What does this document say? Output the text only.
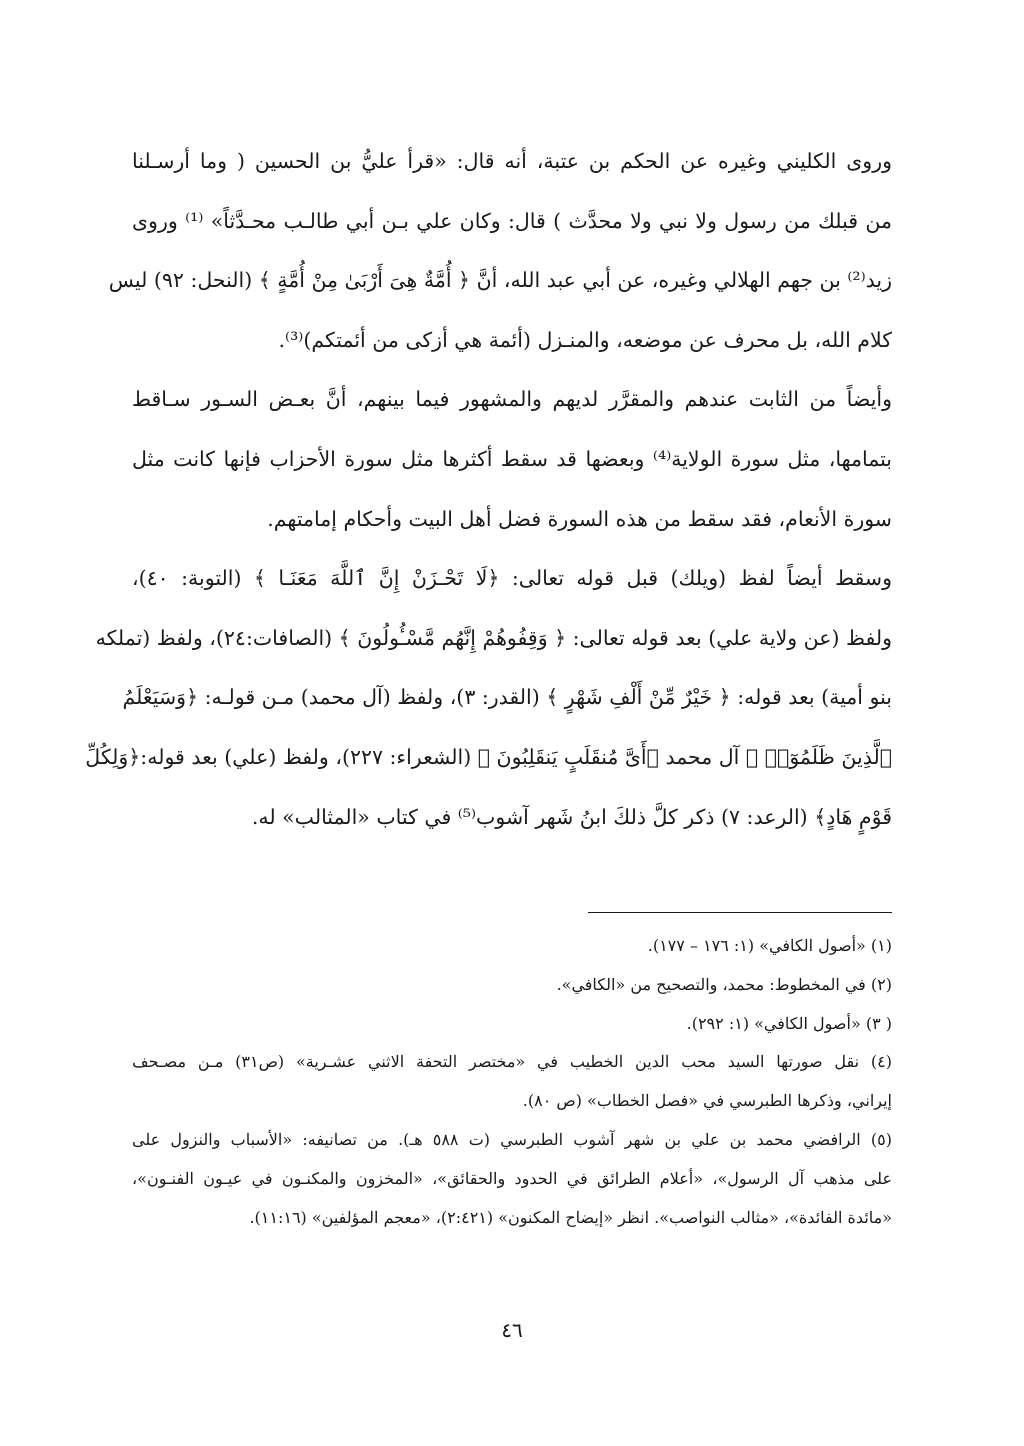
وروى الكليني وغيره عن الحكم بن عتبة، أنه قال: «قرأ عليُّ بن الحسين ( وما أرسـلنا
من قبلك من رسول ولا نبي ولا محدَّث ) قال: وكان علي بـن أبي طالـب محـدَّثاً» ⁽¹⁾ وروى
زيد⁽²⁾ بن جهم الهلالي وغيره، عن أبي عبد الله، أنَّ ﴿ أُمَّةٌ هِىَ أَرْبَىٰ مِنْ أُمَّةٍ ﴾ (النحل: ٩٢) ليس
كلام الله، بل محرف عن موضعه، والمنـزل (أئمة هي أزكى من أئمتكم)⁽³⁾.
وأيضاً من الثابت عندهم والمقرَّر لديهم والمشهور فيما بينهم، أنَّ بعـض السـور سـاقط
بتمامها، مثل سورة الولاية⁽⁴⁾ وبعضها قد سقط أكثرها مثل سورة الأحزاب فإنها كانت مثل
سورة الأنعام، فقد سقط من هذه السورة فضل أهل البيت وأحكام إمامتهم.
وسقط أيضاً لفظ (ويلك) قبل قوله تعالى: ﴿لَا تَحْـزَنْ إِنَّ ٱللَّهَ مَعَنَـا ﴾ (التوبة: ٤٠)،
ولفظ (عن ولاية علي) بعد قوله تعالى: ﴿ وَقِفُوهُمْ إِنَّهُم مَّسْـُٔولُونَ ﴾ (الصافات:٢٤)، ولفظ (تملكه
بنو أمية) بعد قوله: ﴿ خَيْرٌ مِّنْ أَلْفِ شَهْرٍ ﴾ (القدر: ٣)، ولفظ (آل محمد) مـن قولـه: ﴿وَسَيَعْلَمُ
ٱلَّذِينَ ظَلَمُوٓا۟ ﴾ آل محمد ﴿أَىَّ مُنقَلَبٍ يَنقَلِبُونَ ﴾ (الشعراء: ٢٢٧)، ولفظ (علي) بعد قوله:﴿وَلِكُلِّ
قَوْمٍ هَادٍ﴾ (الرعد: ٧) ذكر كلَّ ذلكَ ابنُ شَهر آشوب⁽⁵⁾ في كتاب «المثالب» له.
(١) «أصول الكافي» (١: ١٧٦ – ١٧٧).
(٢) في المخطوط: محمد، والتصحيح من «الكافي».
( ٣) «أصول الكافي» (١: ٢٩٢).
(٤) نقل صورتها السيد محب الدين الخطيب في «مختصر التحفة الاثني عشـرية» (ص٣١) مـن مصـحف
إيراني، وذكرها الطبرسي في «فصل الخطاب» (ص ٨٠).
(٥) الرافضي محمد بن علي بن شهر آشوب الطبرسي (ت ٥٨٨ هـ). من تصانيفه: «الأسباب والنزول على
على مذهب آل الرسول»، «أعلام الطرائق في الحدود والحقائق»، «المخزون والمكنـون في عيـون الفنـون»،
«مائدة الفائدة»، «مثالب النواصب». انظر «إيضاح المكنون» (٢:٤٢١)، «معجم المؤلفين» (١١:١٦).
٤٦
